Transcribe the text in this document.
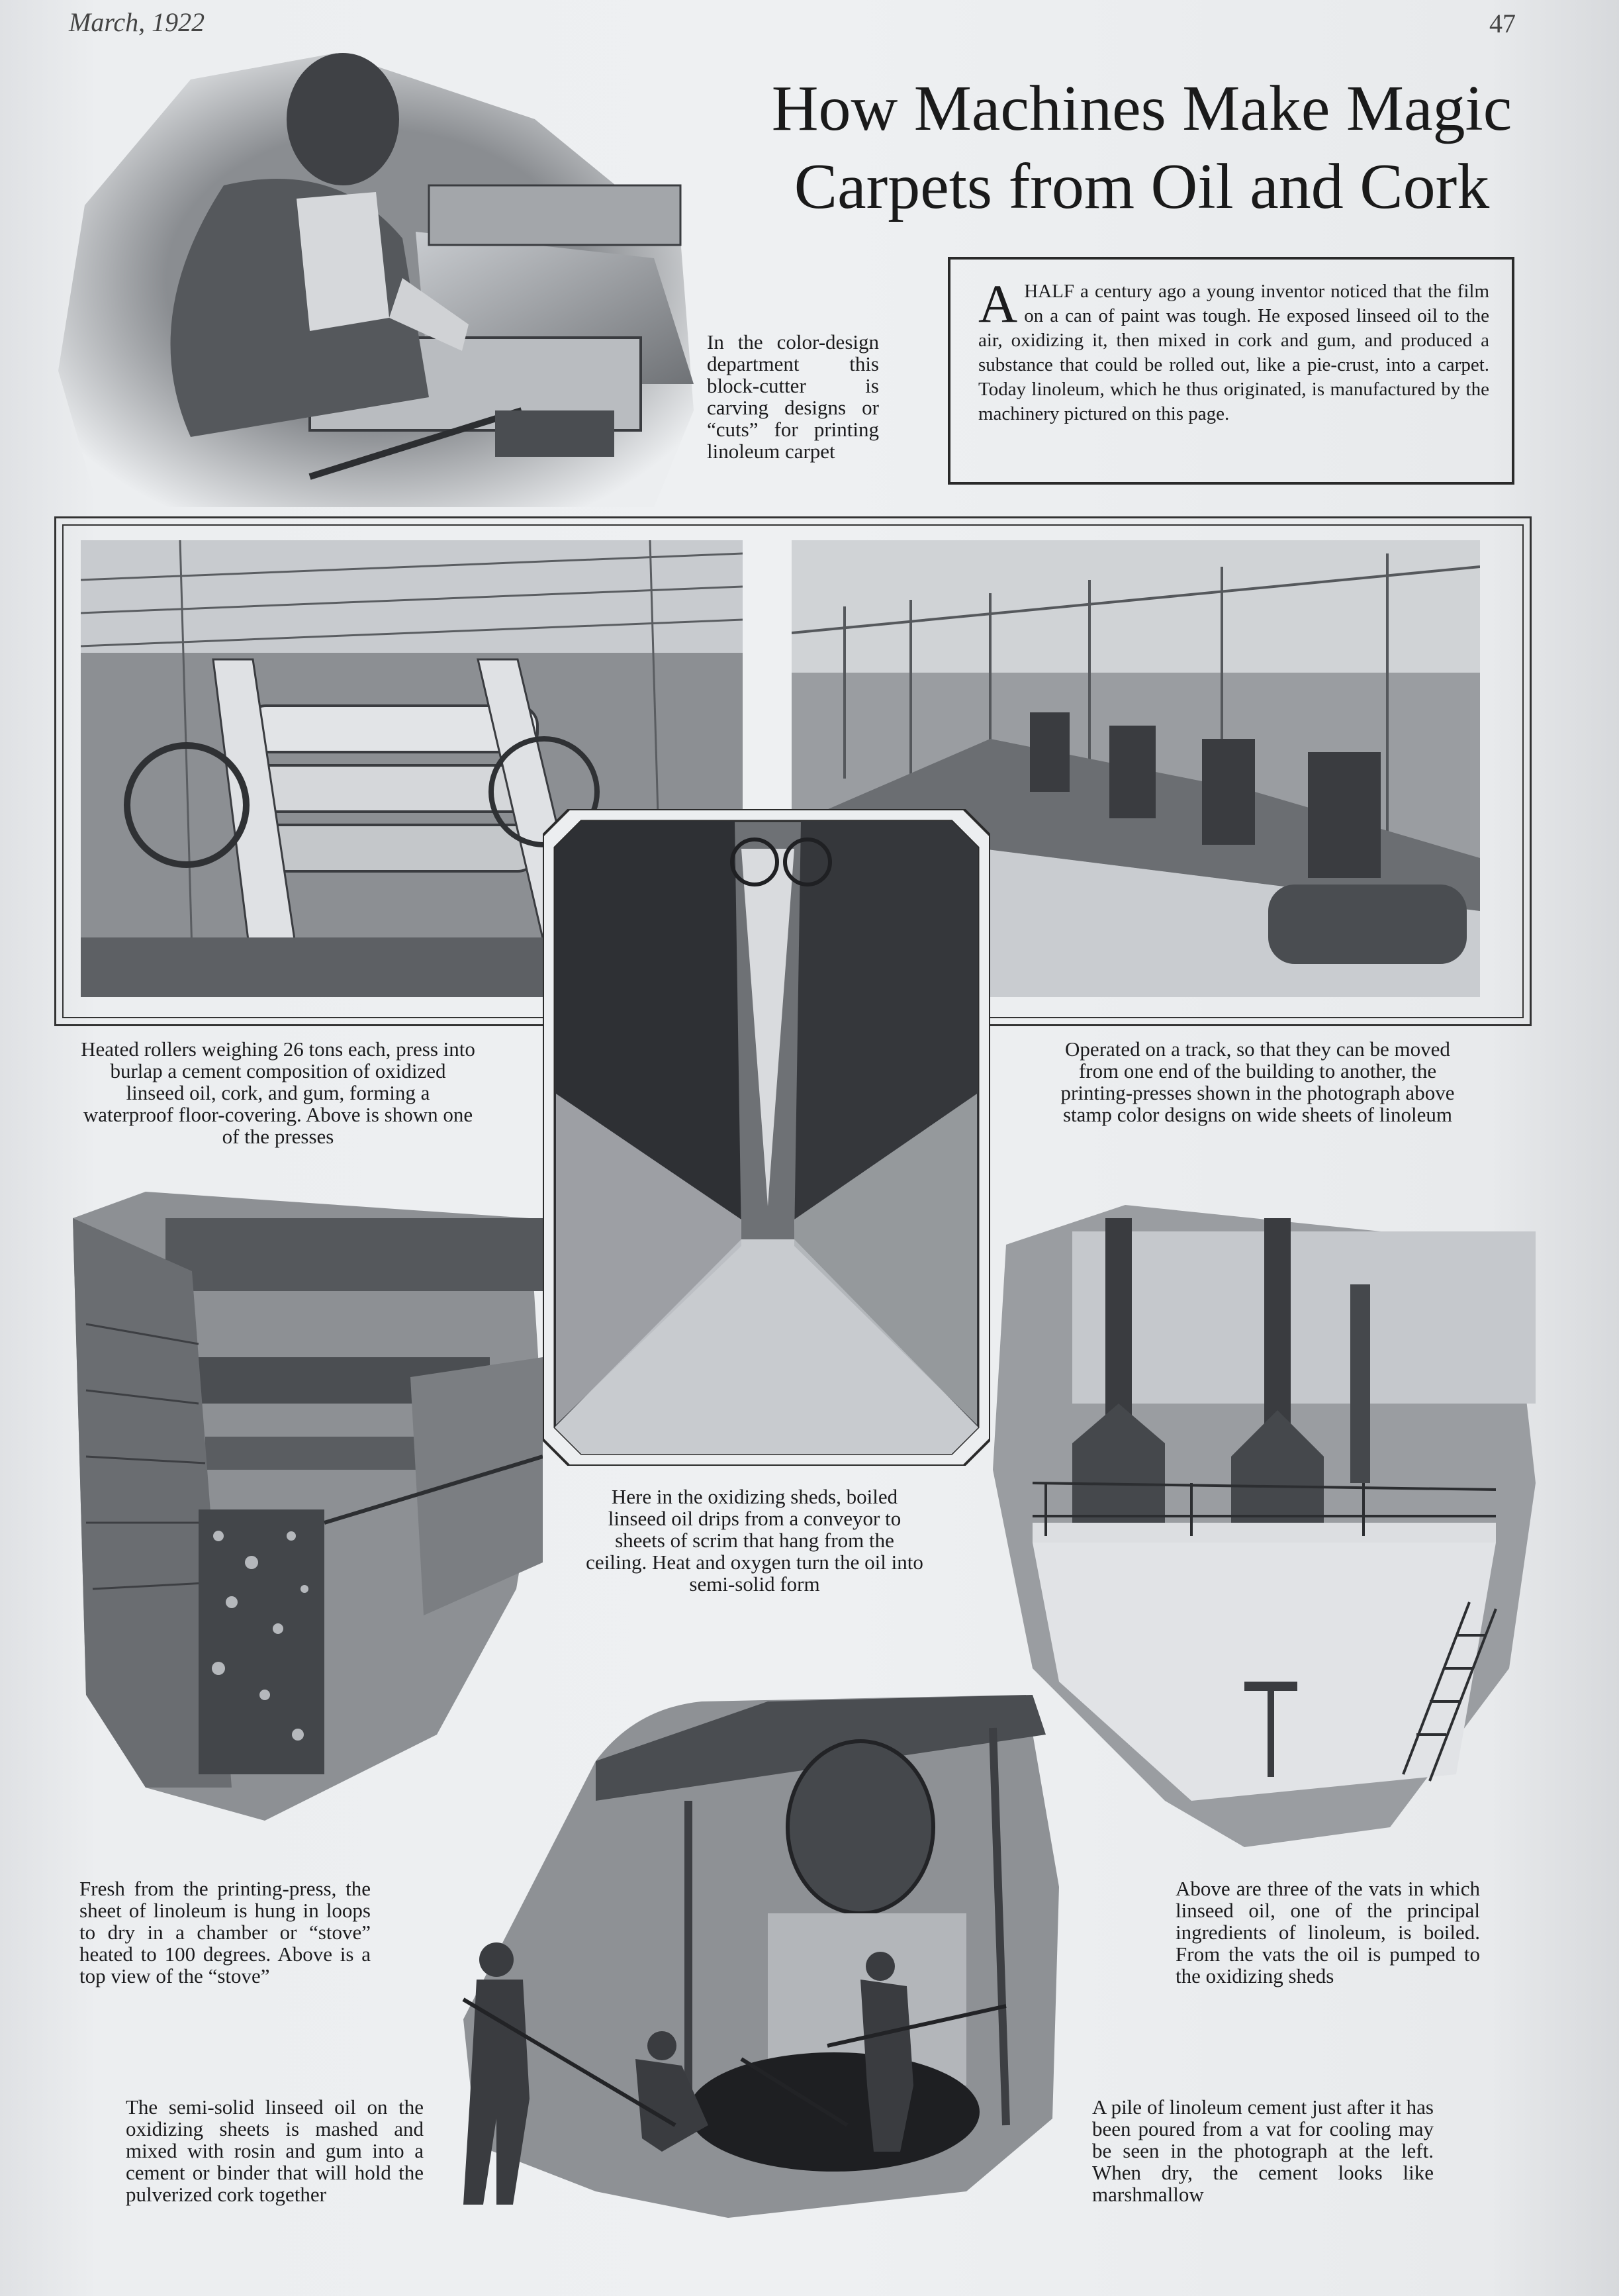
March, 1922	47
How Machines Make Magic
Carpets from Oil and Cork
A HALF a century ago a young inventor noticed that the film on a can of paint was tough. He exposed linseed oil to the air, oxidizing it, then mixed in cork and gum, and produced a substance that could be rolled out, like a pie-crust, into a carpet. Today linoleum, which he thus originated, is manufactured by the machinery pictured on this page.
In the color-design department this block-cutter is carving designs or “cuts” for printing linoleum carpet
Heated rollers weighing 26 tons each, press into burlap a cement composition of oxidized linseed oil, cork, and gum, forming a waterproof floor-covering. Above is shown one of the presses
Operated on a track, so that they can be moved from one end of the building to another, the printing-presses shown in the photograph above stamp color designs on wide sheets of linoleum
Here in the oxidizing sheds, boiled linseed oil drips from a conveyor to sheets of scrim that hang from the ceiling. Heat and oxygen turn the oil into semi-solid form
Fresh from the printing-press, the sheet of linoleum is hung in loops to dry in a chamber or “stove” heated to 100 degrees. Above is a top view of the “stove”
Above are three of the vats in which linseed oil, one of the principal ingredients of linoleum, is boiled. From the vats the oil is pumped to the oxidizing sheds
The semi-solid linseed oil on the oxidizing sheets is mashed and mixed with rosin and gum into a cement or binder that will hold the pulverized cork together
A pile of linoleum cement just after it has been poured from a vat for cooling may be seen in the photograph at the left. When dry, the cement looks like marshmallow
